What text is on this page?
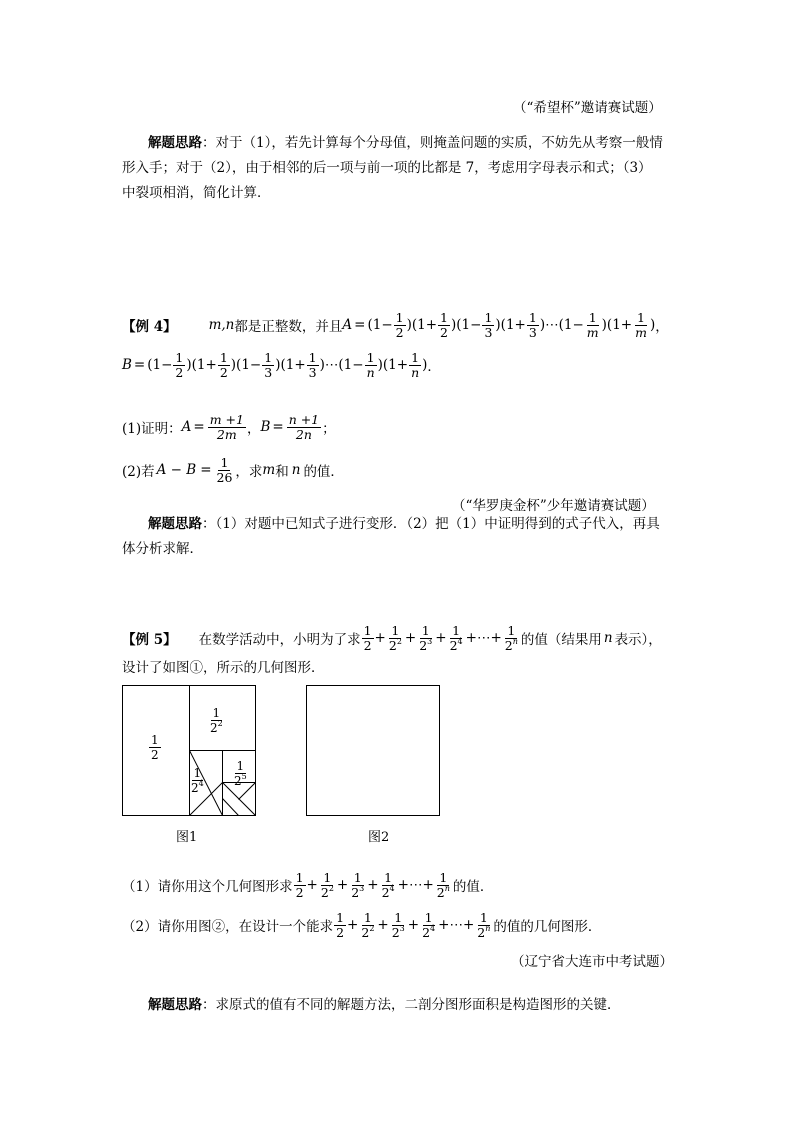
（“希望杯”邀请赛试题）
解题思路：对于（1），若先计算每个分母值，则掩盖问题的实质，不妨先从考察一般情
形入手；对于（2），由于相邻的后一项与前一项的比都是 7，考虑用字母表示和式；（3）
中裂项相消，简化计算．
【例 4】 m,n 都是正整数，并且 $A = (1- \frac{1}{2} )(1+ \frac{1}{2} )(1- \frac{1}{3} )(1+ \frac{1}{3}$ )⋯(1− $\frac{1}{m} )(1+ \frac{1}{m}$ ) ，
$B = (1- \frac{1}{2} )(1+ \frac{1}{2} )(1- \frac{1}{3} )(1+ \frac{1}{3}$ )⋯(1− $\frac{1}{n} )(1+ \frac{1}{n}$ ) ．
(1)证明： $A = \frac{m +1}{2m}$ ， $B = \frac{n +1}{2n}$ ；
(2)若 $A - B = \frac{1}{26}$ ，求 m 和 n 的值．
（“华罗庚金杯”少年邀请赛试题）
解题思路：（1）对题中已知式子进行变形．（2）把（1）中证明得到的式子代入，再具
体分析求解．
【例 5】 在数学活动中，小明为了求 $\frac{1}{2} + \frac{1}{2^2} + \frac{1}{2^3} + \frac{1}{2^4}$ + ⋯ + $\frac{1}{2^n}$ 的值（结果用 n 表示），
设计了如图①，所示的几何图形．
$\frac{1}{2}$
$\frac{1}{2^2}$
$\frac{1}{2^4}$	$\frac{1}{2^5}$
图1	图2
（1）请你用这个几何图形求 $\frac{1}{2} + \frac{1}{2^2} + \frac{1}{2^3} + \frac{1}{2^4}$ + ⋯ + $\frac{1}{2^n}$ 的值．
（2）请你用图②，在设计一个能求 $\frac{1}{2} + \frac{1}{2^2} + \frac{1}{2^3} + \frac{1}{2^4}$ + ⋯ + $\frac{1}{2^n}$ 的值的几何图形．
（辽宁省大连市中考试题）
解题思路：求原式的值有不同的解题方法，二剖分图形面积是构造图形的关键．
